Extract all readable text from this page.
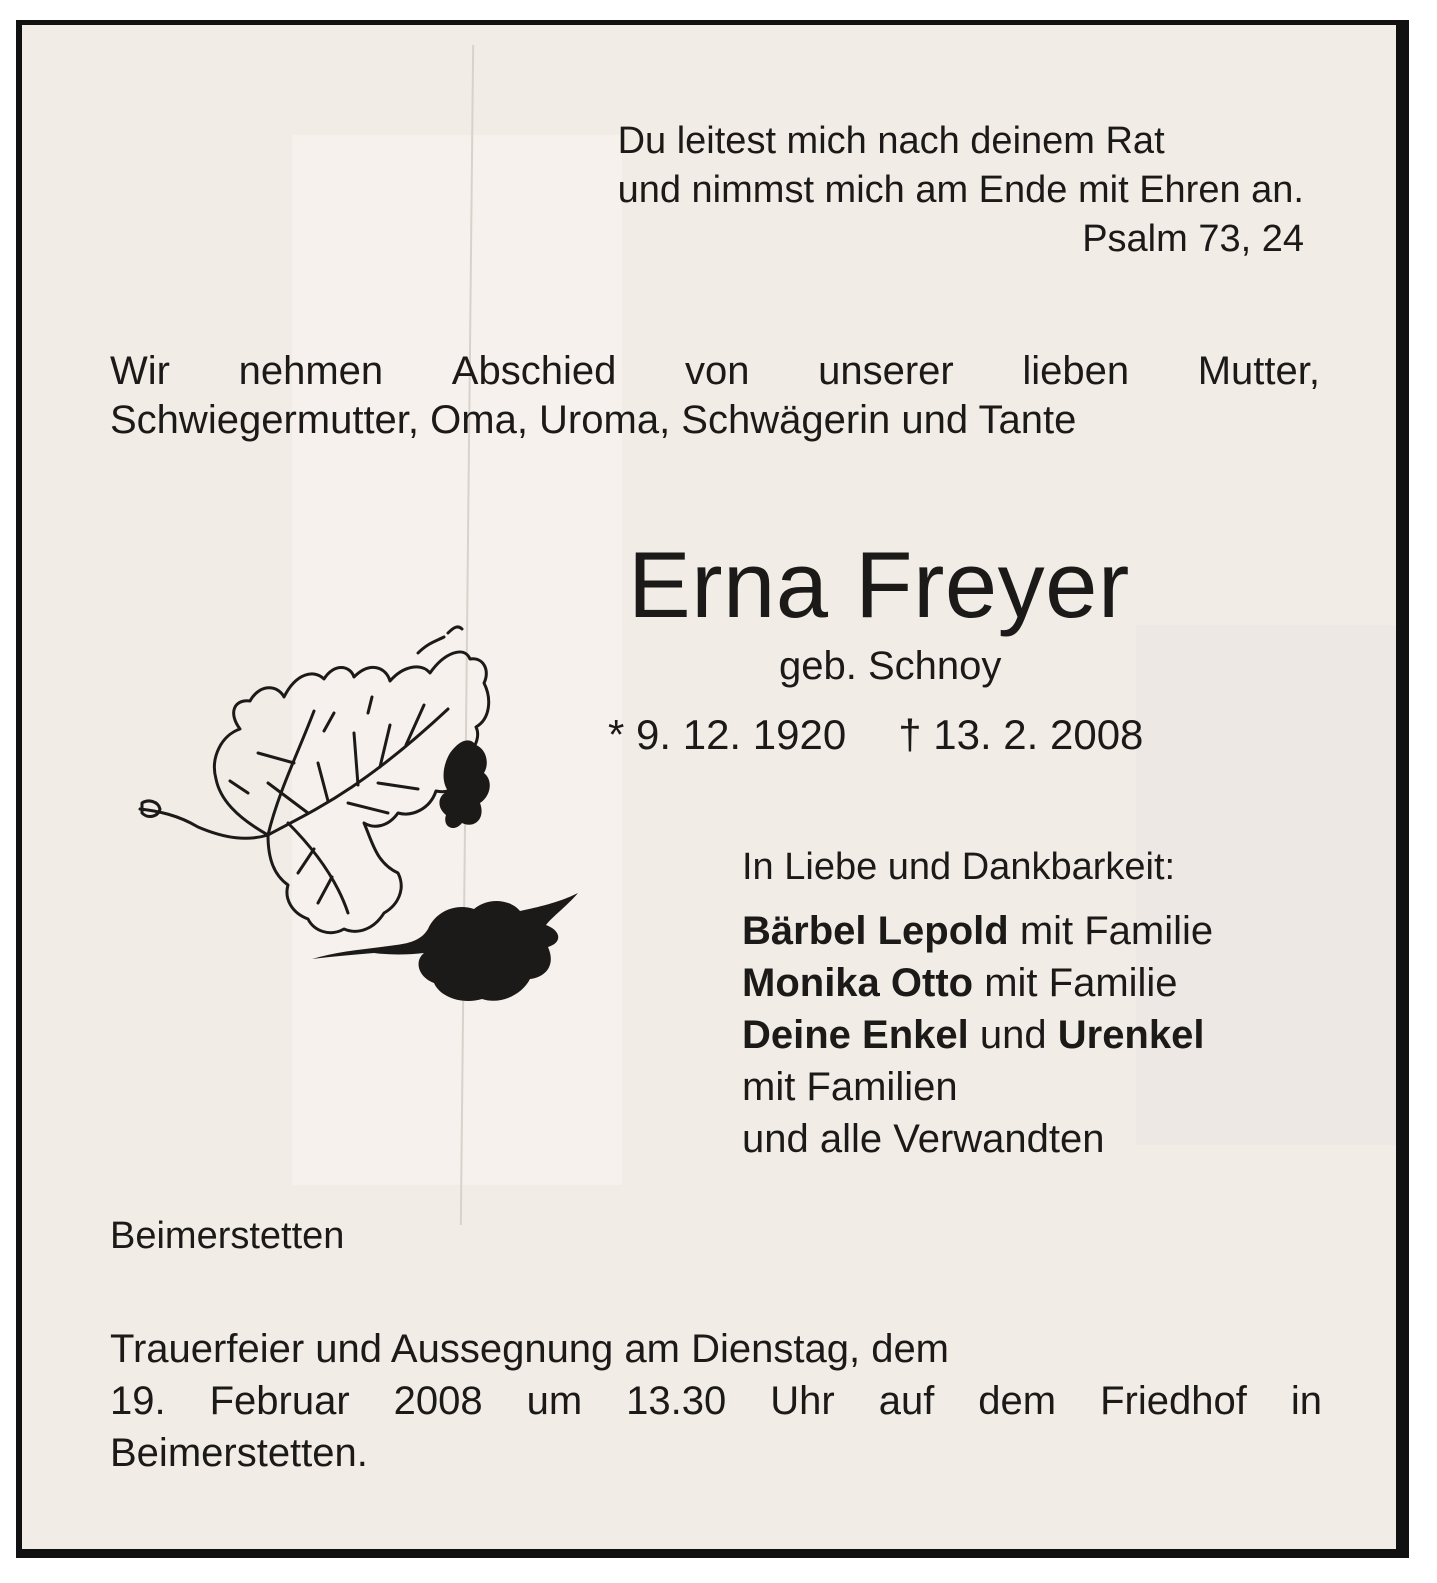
Du leitest mich nach deinem Rat
und nimmst mich am Ende mit Ehren an.
Psalm 73, 24
Wir nehmen Abschied von unserer lieben Mutter,
Schwiegermutter, Oma, Uroma, Schwägerin und Tante
Erna Freyer
geb. Schnoy
* 9. 12. 1920 † 13. 2. 2008
In Liebe und Dankbarkeit:
Bärbel Lepold mit Familie
Monika Otto mit Familie
Deine Enkel und Urenkel
mit Familien
und alle Verwandten
Beimerstetten
Trauerfeier und Aussegnung am Dienstag, dem
19. Februar 2008 um 13.30 Uhr auf dem Friedhof in
Beimerstetten.
